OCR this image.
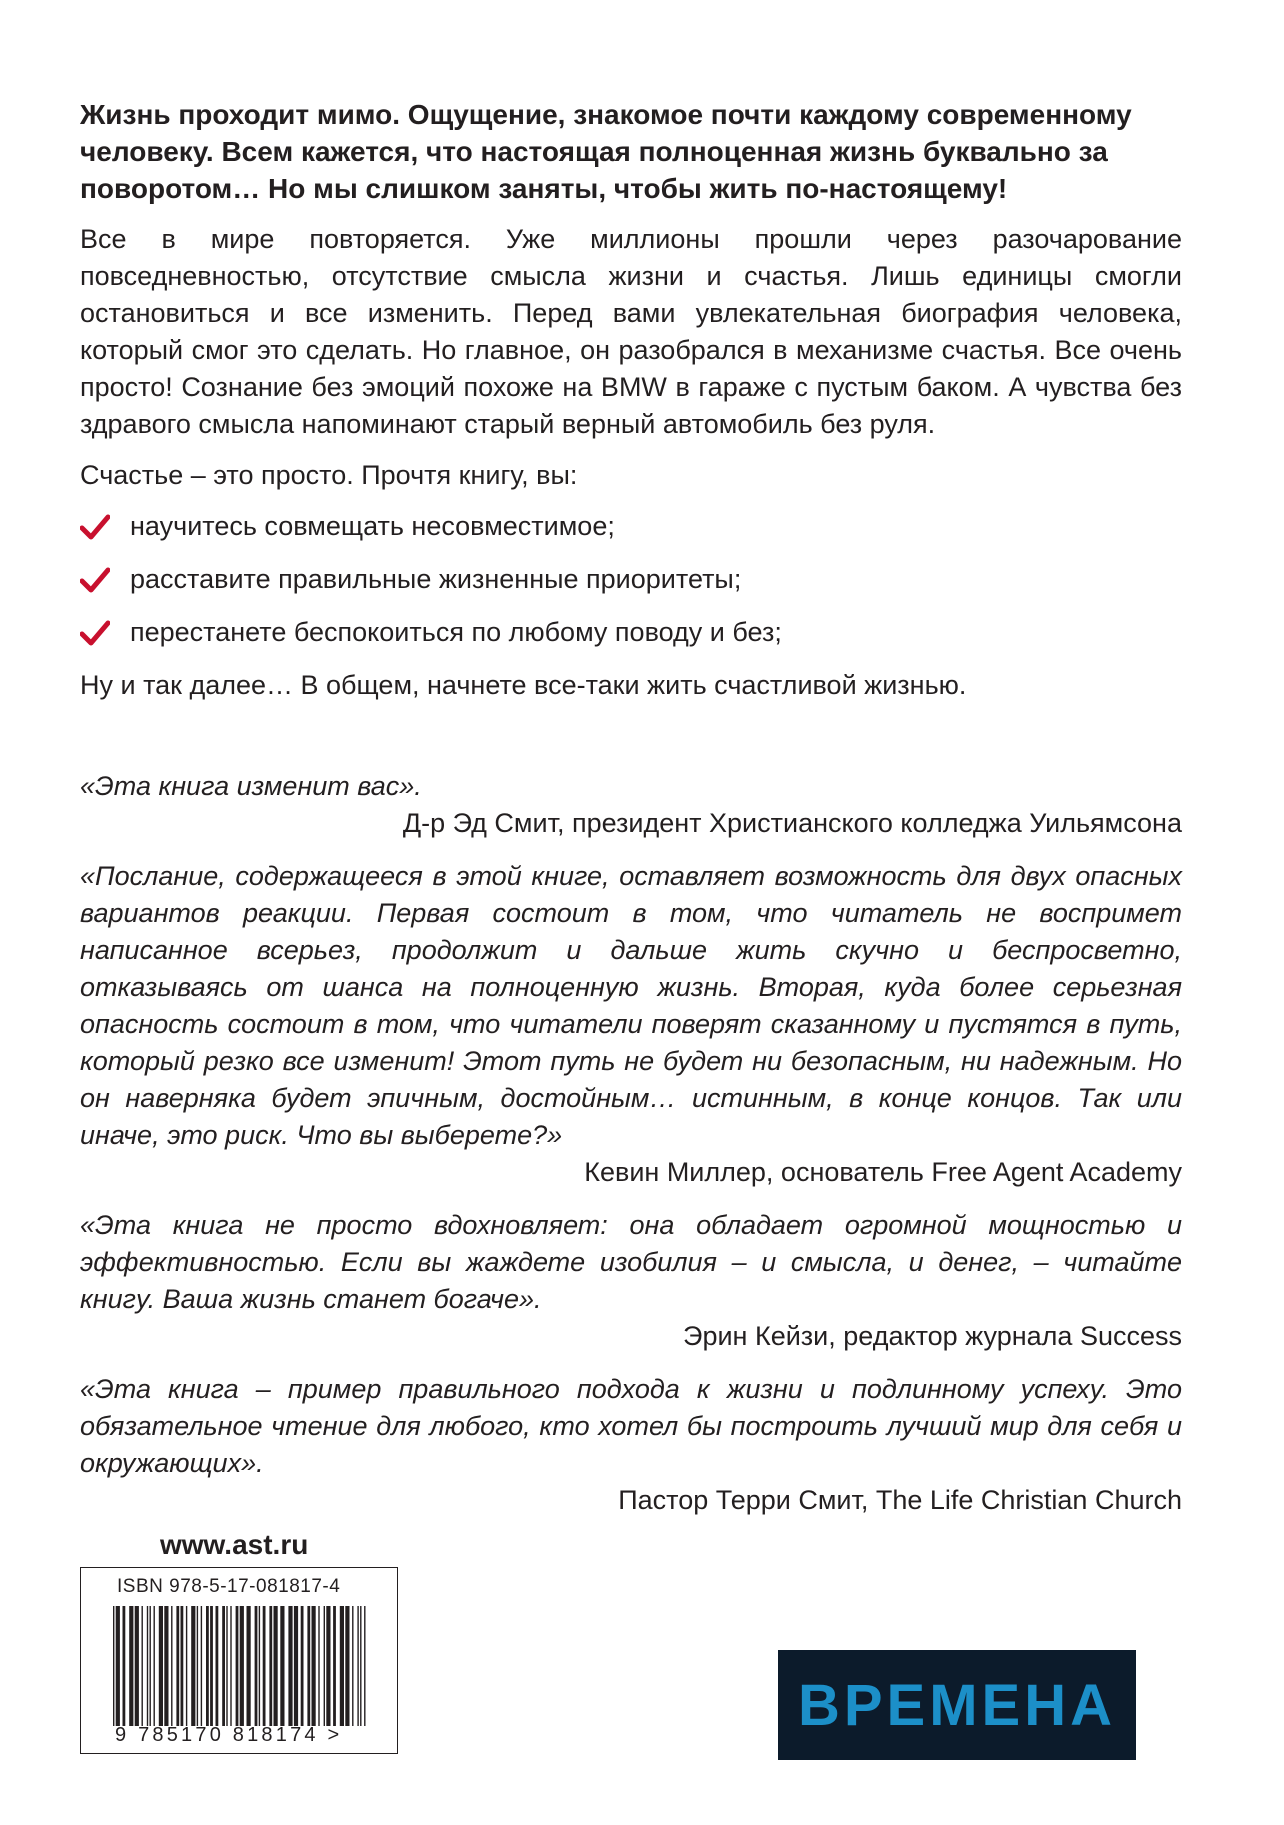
Жизнь проходит мимо. Ощущение, знакомое почти каждому современному человеку. Всем кажется, что настоящая полноценная жизнь буквально за поворотом… Но мы слишком заняты, чтобы жить по-настоящему!

Все в мире повторяется. Уже миллионы прошли через разочарование повседневностью, отсутствие смысла жизни и счастья. Лишь единицы смогли остановиться и все изменить. Перед вами увлекательная биография человека, который смог это сделать. Но главное, он разобрался в механизме счастья. Все очень просто! Сознание без эмоций похоже на BMW в гараже с пустым баком. А чувства без здравого смысла напоминают старый верный автомобиль без руля.

Счастье – это просто. Прочтя книгу, вы:

научитесь совмещать несовместимое;
расставите правильные жизненные приоритеты;
перестанете беспокоиться по любому поводу и без;

Ну и так далее… В общем, начнете все-таки жить счастливой жизнью.

«Эта книга изменит вас».

Д-р Эд Смит, президент Христианского колледжа Уильямсона

«Послание, содержащееся в этой книге, оставляет возможность для двух опасных вариантов реакции. Первая состоит в том, что читатель не воспримет написанное всерьез, продолжит и дальше жить скучно и беспросветно, отказываясь от шанса на полноценную жизнь. Вторая, куда более серьезная опасность состоит в том, что читатели поверят сказанному и пустятся в путь, который резко все изменит! Этот путь не будет ни безопасным, ни надежным. Но он наверняка будет эпичным, достойным… истинным, в конце концов. Так или иначе, это риск. Что вы выберете?»

Кевин Миллер, основатель Free Agent Academy

«Эта книга не просто вдохновляет: она обладает огромной мощностью и эффективностью. Если вы жаждете изобилия – и смысла, и денег, – читайте книгу. Ваша жизнь станет богаче».

Эрин Кейзи, редактор журнала Success

«Эта книга – пример правильного подхода к жизни и подлинному успеху. Это обязательное чтение для любого, кто хотел бы построить лучший мир для себя и окружающих».

Пастор Терри Смит, The Life Christian Church

www.ast.ru
ISBN 978-5-17-081817-4
9 785170 818174 >	ВРЕМЕНА
